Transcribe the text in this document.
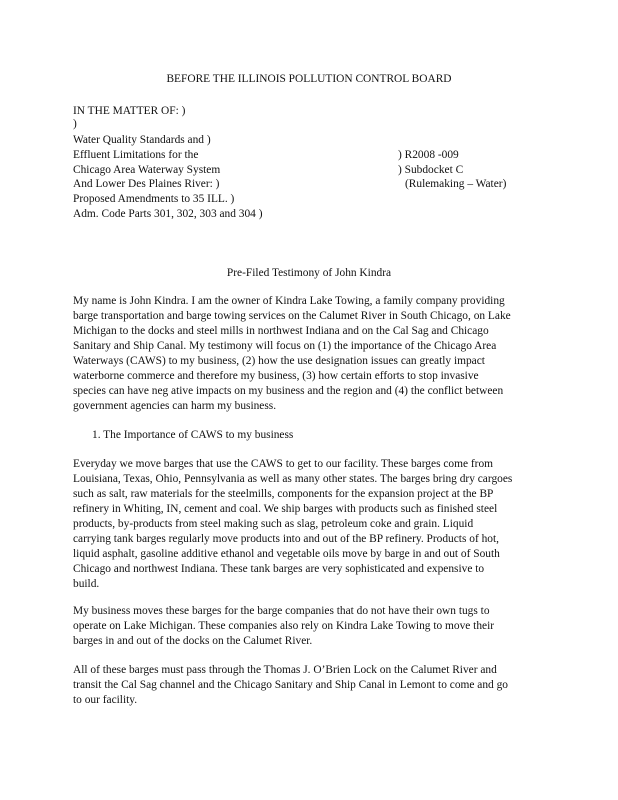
BEFORE THE ILLINOIS POLLUTION CONTROL BOARD
IN THE MATTER OF: )
)
Water Quality Standards and )
Effluent Limitations for the
Chicago Area Waterway System
And Lower Des Plaines River: )
Proposed Amendments to 35 ILL. )
Adm. Code Parts 301, 302, 303 and 304 )
) R2008 -009
) Subdocket C
(Rulemaking – Water)
Pre-Filed Testimony of John Kindra
My name is John Kindra. I am the owner of Kindra Lake Towing, a family company providing
barge transportation and barge towing services on the Calumet River in South Chicago, on Lake
Michigan to the docks and steel mills in northwest Indiana and on the Cal Sag and Chicago
Sanitary and Ship Canal. My testimony will focus on (1) the importance of the Chicago Area
Waterways (CAWS) to my business, (2) how the use designation issues can greatly impact
waterborne commerce and therefore my business, (3) how certain efforts to stop invasive
species can have neg ative impacts on my business and the region and (4) the conflict between
government agencies can harm my business.
1. The Importance of CAWS to my business
Everyday we move barges that use the CAWS to get to our facility. These barges come from
Louisiana, Texas, Ohio, Pennsylvania as well as many other states. The barges bring dry cargoes
such as salt, raw materials for the steelmills, components for the expansion project at the BP
refinery in Whiting, IN, cement and coal. We ship barges with products such as finished steel
products, by-products from steel making such as slag, petroleum coke and grain. Liquid
carrying tank barges regularly move products into and out of the BP refinery. Products of hot,
liquid asphalt, gasoline additive ethanol and vegetable oils move by barge in and out of South
Chicago and northwest Indiana. These tank barges are very sophisticated and expensive to
build.
My business moves these barges for the barge companies that do not have their own tugs to
operate on Lake Michigan. These companies also rely on Kindra Lake Towing to move their
barges in and out of the docks on the Calumet River.
All of these barges must pass through the Thomas J. O’Brien Lock on the Calumet River and
transit the Cal Sag channel and the Chicago Sanitary and Ship Canal in Lemont to come and go
to our facility.
